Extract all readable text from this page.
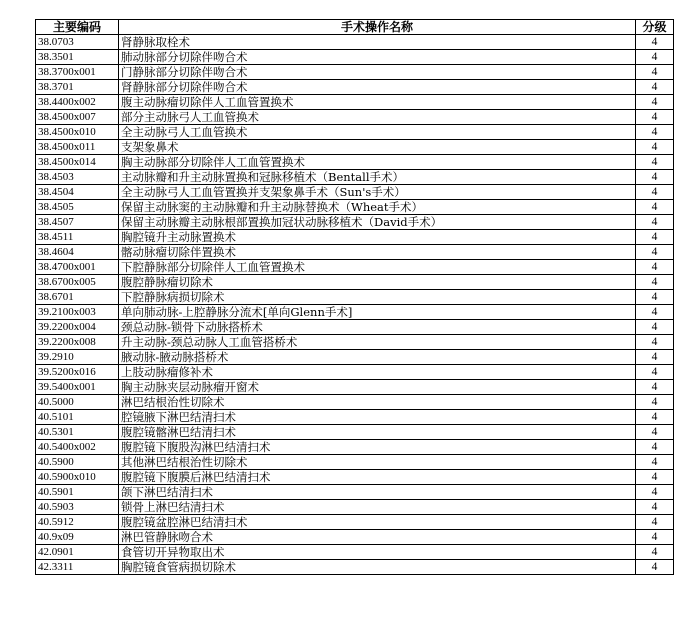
主要编码	手术操作名称	分级
38.0703	肾静脉取栓术	4
38.3501	肺动脉部分切除伴吻合术	4
38.3700x001	门静脉部分切除伴吻合术	4
38.3701	肾静脉部分切除伴吻合术	4
38.4400x002	腹主动脉瘤切除伴人工血管置换术	4
38.4500x007	部分主动脉弓人工血管换术	4
38.4500x010	全主动脉弓人工血管换术	4
38.4500x011	支架象鼻术	4
38.4500x014	胸主动脉部分切除伴人工血管置换术	4
38.4503	主动脉瓣和升主动脉置换和冠脉移植术（Bentall手术）	4
38.4504	全主动脉弓人工血管置换并支架象鼻手术（Sun's手术）	4
38.4505	保留主动脉窦的主动脉瓣和升主动脉替换术（Wheat手术）	4
38.4507	保留主动脉瓣主动脉根部置换加冠状动脉移植术（David手术）	4
38.4511	胸腔镜升主动脉置换术	4
38.4604	髂动脉瘤切除伴置换术	4
38.4700x001	下腔静脉部分切除伴人工血管置换术	4
38.6700x005	腹腔静脉瘤切除术	4
38.6701	下腔静脉病损切除术	4
39.2100x003	单向肺动脉-上腔静脉分流术[单向Glenn手术]	4
39.2200x004	颈总动脉-锁骨下动脉搭桥术	4
39.2200x008	升主动脉-颈总动脉人工血管搭桥术	4
39.2910	腋动脉-腋动脉搭桥术	4
39.5200x016	上肢动脉瘤修补术	4
39.5400x001	胸主动脉夹层动脉瘤开窗术	4
40.5000	淋巴结根治性切除术	4
40.5101	腔镜腋下淋巴结清扫术	4
40.5301	腹腔镜髂淋巴结清扫术	4
40.5400x002	腹腔镜下腹股沟淋巴结清扫术	4
40.5900	其他淋巴结根治性切除术	4
40.5900x010	腹腔镜下腹膜后淋巴结清扫术	4
40.5901	颌下淋巴结清扫术	4
40.5903	锁骨上淋巴结清扫术	4
40.5912	腹腔镜盆腔淋巴结清扫术	4
40.9x09	淋巴管静脉吻合术	4
42.0901	食管切开异物取出术	4
42.3311	胸腔镜食管病损切除术	4
